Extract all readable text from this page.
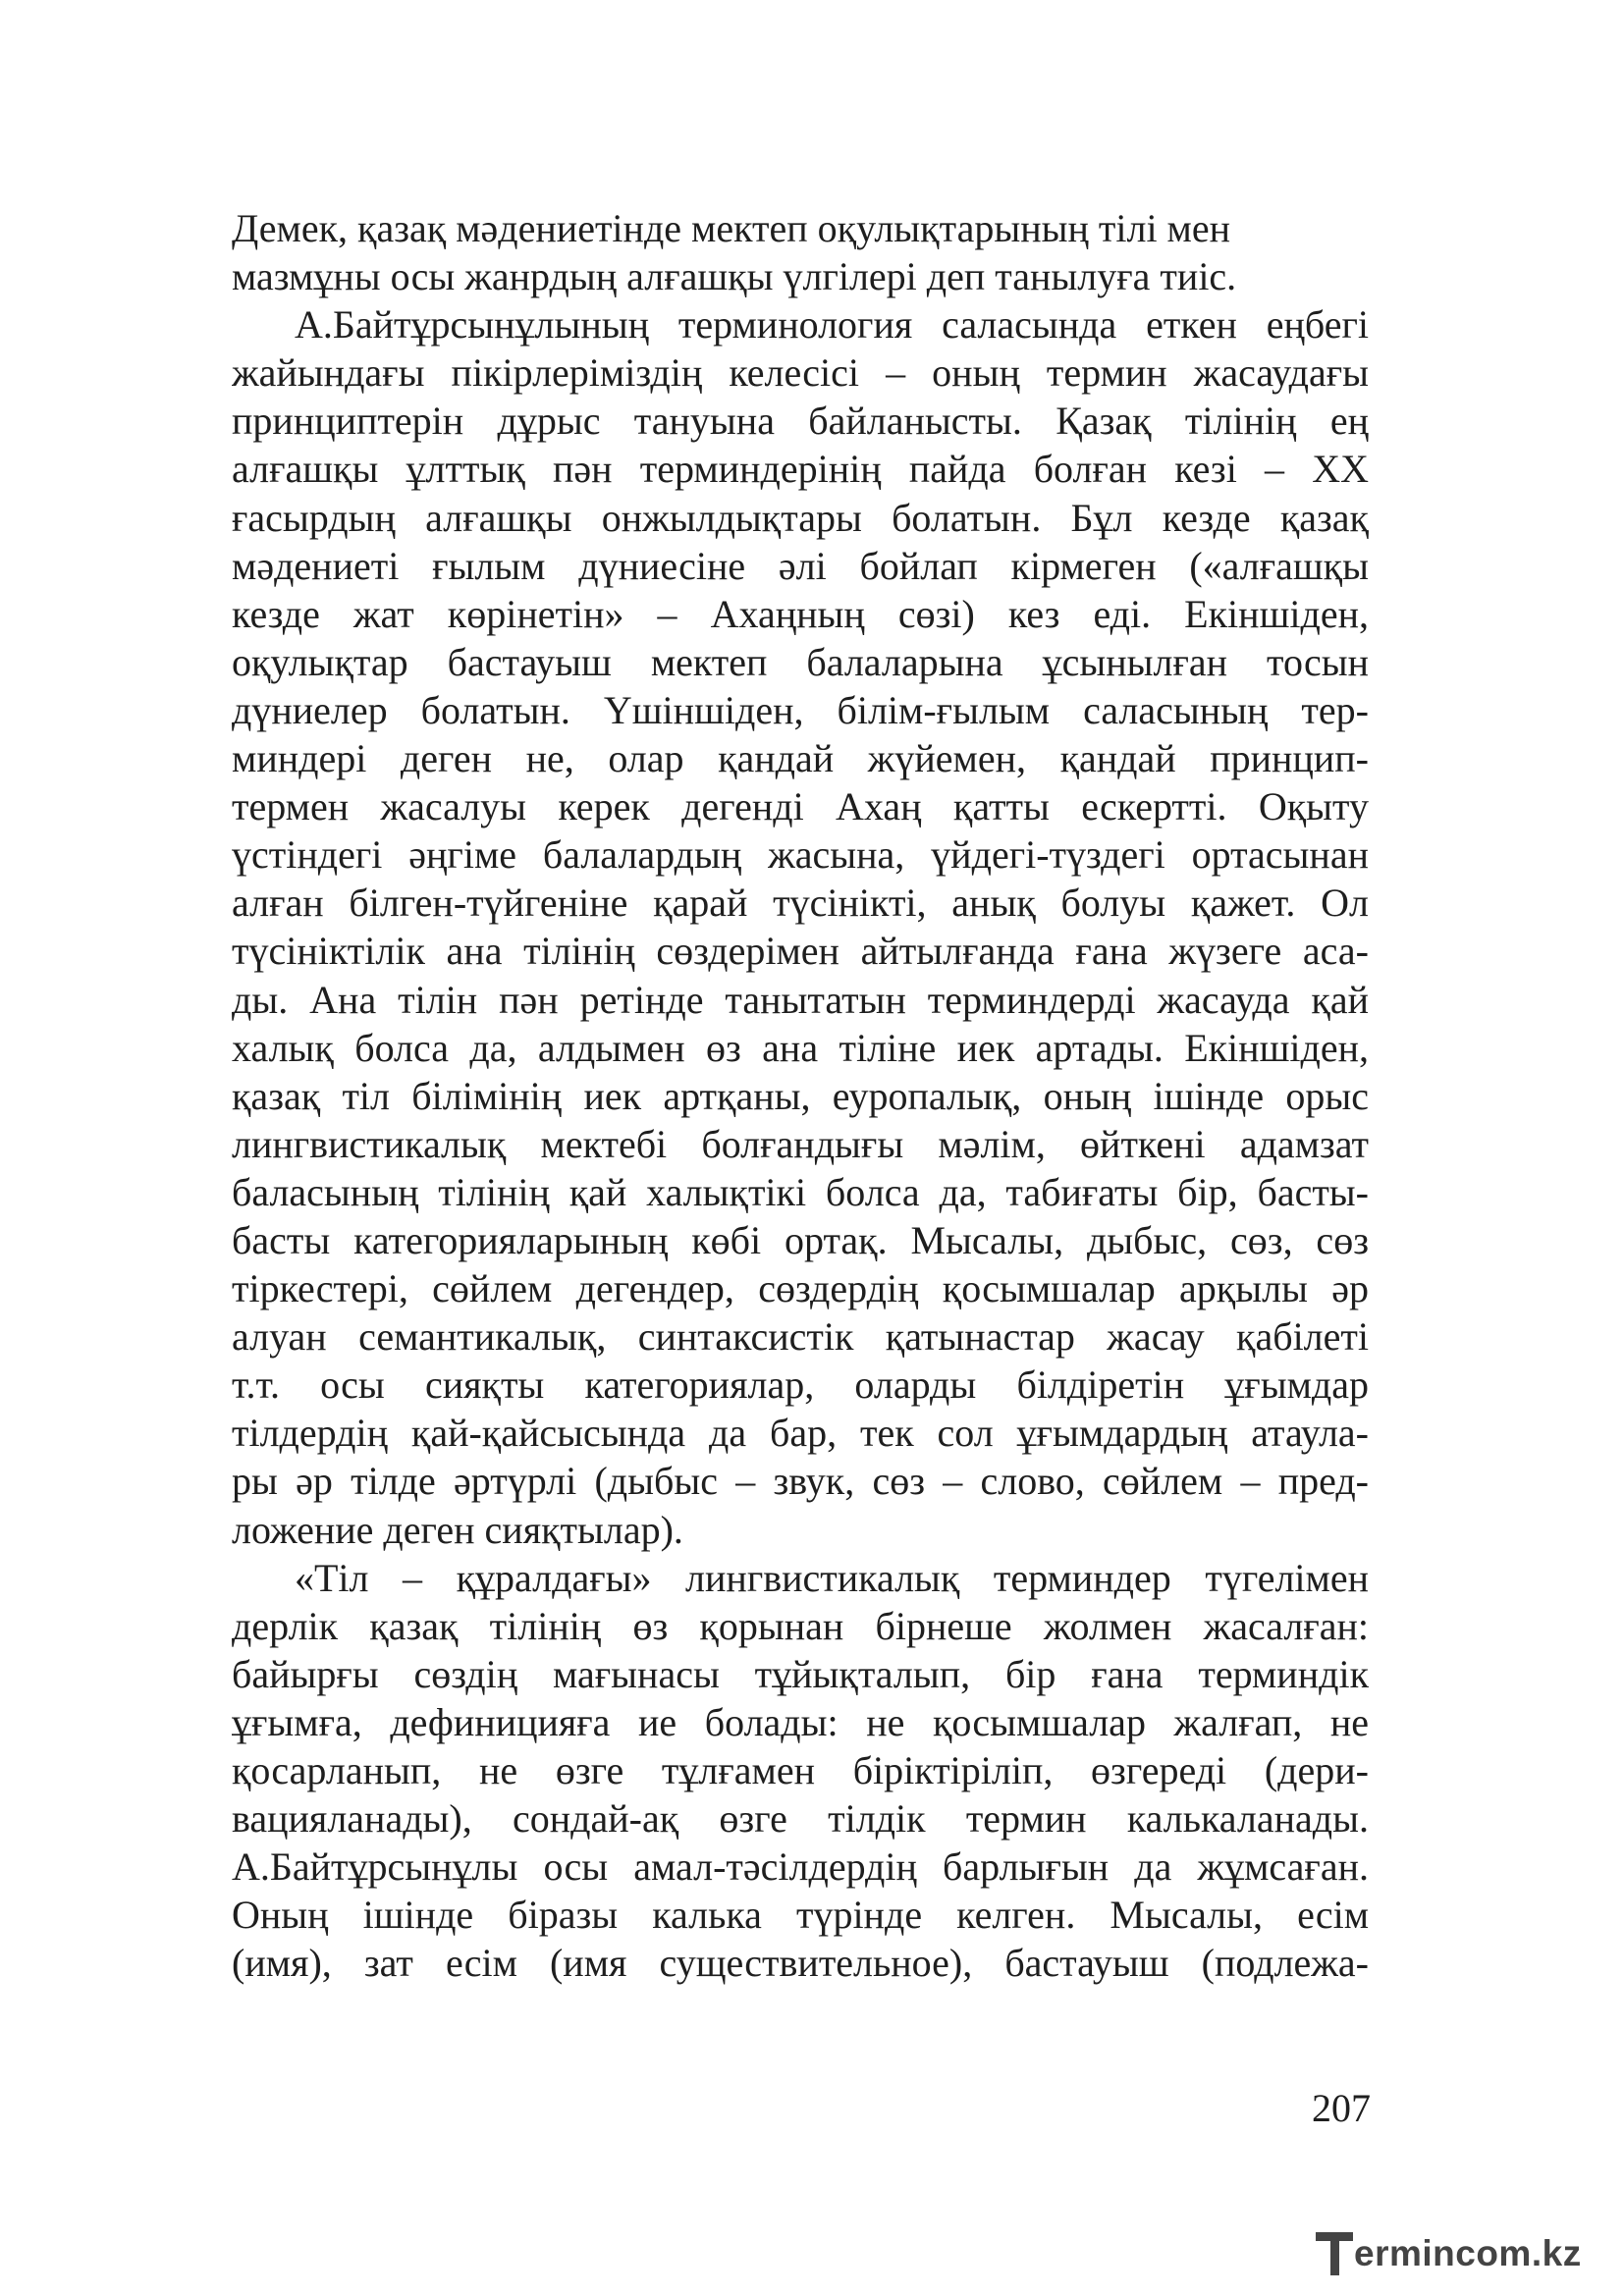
Демек, қазақ мәдениетінде мектеп оқулықтарының тілі мен
мазмұны осы жанрдың алғашқы үлгілері деп танылуға тиіс.
А.Байтұрсынұлының терминология саласында еткен еңбегі
жайындағы пікірлеріміздің келесісі – оның термин жасаудағы
принциптерін дұрыс тануына байланысты. Қазақ тілінің ең
алғашқы ұлттық пән терминдерінің пайда болған кезі – XX
ғасырдың алғашқы онжылдықтары болатын. Бұл кезде қазақ
мәдениеті ғылым дүниесіне әлі бойлап кірмеген («алғашқы
кезде жат көрінетін» – Ахаңның сөзі) кез еді. Екіншіден,
оқулықтар бастауыш мектеп балаларына ұсынылған тосын
дүниелер болатын. Үшіншіден, білім-ғылым саласының тер-
миндері деген не, олар қандай жүйемен, қандай принцип-
термен жасалуы керек дегенді Ахаң қатты ескертті. Оқыту
үстіндегі әңгіме балалардың жасына, үйдегі-түздегі ортасынан
алған білген-түйгеніне қарай түсінікті, анық болуы қажет. Ол
түсініктілік ана тілінің сөздерімен айтылғанда ғана жүзеге аса-
ды. Ана тілін пән ретінде танытатын терминдерді жасауда қай
халық болса да, алдымен өз ана тіліне иек артады. Екіншіден,
қазақ тіл білімінің иек артқаны, еуропалық, оның ішінде орыс
лингвистикалық мектебі болғандығы мәлім, өйткені адамзат
баласының тілінің қай халықтікі болса да, табиғаты бір, басты-
басты категорияларының көбі ортақ. Мысалы, дыбыс, сөз, сөз
тіркестері, сөйлем дегендер, сөздердің қосымшалар арқылы әр
алуан семантикалық, синтаксистік қатынастар жасау қабілеті
т.т. осы сияқты категориялар, оларды білдіретін ұғымдар
тілдердің қай-қайсысында да бар, тек сол ұғымдардың атаула-
ры әр тілде әртүрлі (дыбыс – звук, сөз – слово, сөйлем – пред-
ложение деген сияқтылар).
«Тіл – құралдағы» лингвистикалық терминдер түгелімен
дерлік қазақ тілінің өз қорынан бірнеше жолмен жасалған:
байырғы сөздің мағынасы тұйықталып, бір ғана терминдік
ұғымға, дефиницияға ие болады: не қосымшалар жалғап, не
қосарланып, не өзге тұлғамен біріктіріліп, өзгереді (дери-
вацияланады), сондай-ақ өзге тілдік термин калькаланады.
А.Байтұрсынұлы осы амал-тәсілдердің барлығын да жұмсаған.
Оның ішінде біразы калька түрінде келген. Мысалы, есім
(имя), зат есім (имя существительное), бастауыш (подлежа-
207
ermincom.kz
